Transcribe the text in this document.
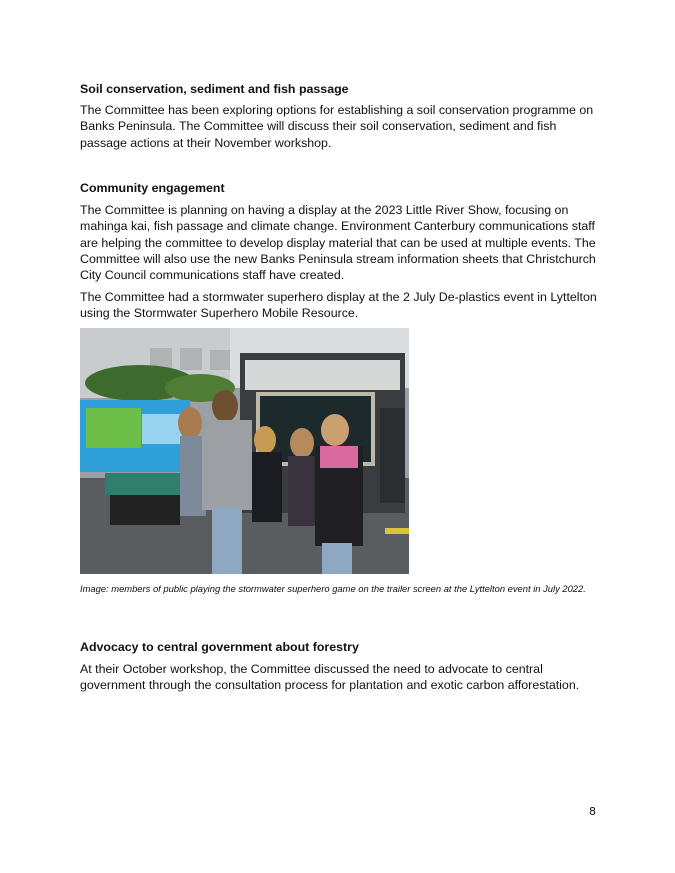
Soil conservation, sediment and fish passage

The Committee has been exploring options for establishing a soil conservation programme on Banks Peninsula. The Committee will discuss their soil conservation, sediment and fish passage actions at their November workshop.

Community engagement

The Committee is planning on having a display at the 2023 Little River Show, focusing on mahinga kai, fish passage and climate change. Environment Canterbury communications staff are helping the committee to develop display material that can be used at multiple events. The Committee will also use the new Banks Peninsula stream information sheets that Christchurch City Council communications staff have created.

The Committee had a stormwater superhero display at the 2 July De-plastics event in Lyttelton using the Stormwater Superhero Mobile Resource.

Image: members of public playing the stormwater superhero game on the trailer screen at the Lyttelton event in July 2022.

Advocacy to central government about forestry

At their October workshop, the Committee discussed the need to advocate to central government through the consultation process for plantation and exotic carbon afforestation.

8
